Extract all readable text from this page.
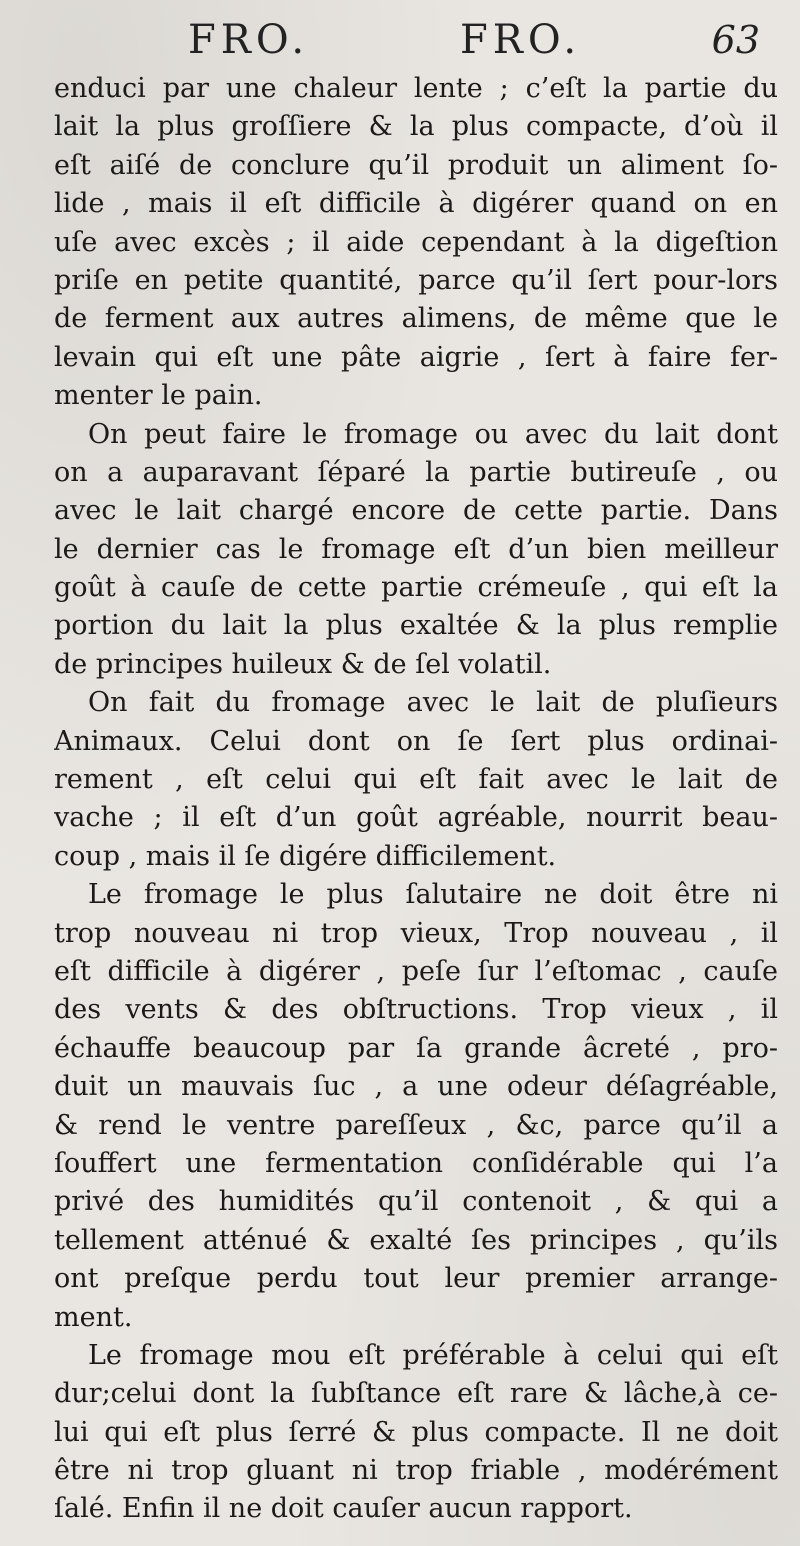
FRO.	FRO.	63
enduci par une chaleur lente ; c’eſt la partie du
lait la plus groſſiere & la plus compacte, d’où il
eſt aiſé de conclure qu’il produit un aliment ſo-
lide , mais il eſt difficile à digérer quand on en
uſe avec excès ; il aide cependant à la digeſtion
priſe en petite quantité, parce qu’il ſert pour-lors
de ferment aux autres alimens, de même que le
levain qui eſt une pâte aigrie , ſert à faire fer-
menter le pain.
On peut faire le fromage ou avec du lait dont
on a auparavant ſéparé la partie butireuſe , ou
avec le lait chargé encore de cette partie. Dans
le dernier cas le fromage eſt d’un bien meilleur
goût à cauſe de cette partie crémeuſe , qui eſt la
portion du lait la plus exaltée & la plus remplie
de principes huileux & de ſel volatil.
On fait du fromage avec le lait de pluſieurs
Animaux. Celui dont on ſe ſert plus ordinai-
rement , eſt celui qui eſt fait avec le lait de
vache ; il eſt d’un goût agréable, nourrit beau-
coup , mais il ſe digére difficilement.
Le fromage le plus ſalutaire ne doit être ni
trop nouveau ni trop vieux, Trop nouveau , il
eſt difficile à digérer , peſe ſur l’eſtomac , cauſe
des vents & des obſtructions. Trop vieux , il
échauffe beaucoup par ſa grande âcreté , pro-
duit un mauvais ſuc , a une odeur déſagréable,
& rend le ventre pareſſeux , &c, parce qu’il a
ſouffert une fermentation conſidérable qui l’a
privé des humidités qu’il contenoit , & qui a
tellement atténué & exalté ſes principes , qu’ils
ont preſque perdu tout leur premier arrange-
ment.
Le fromage mou eſt préférable à celui qui eſt
dur;celui dont la ſubſtance eſt rare & lâche,à ce-
lui qui eſt plus ſerré & plus compacte. Il ne doit
être ni trop gluant ni trop friable , modérément
ſalé. Enfin il ne doit cauſer aucun rapport.
